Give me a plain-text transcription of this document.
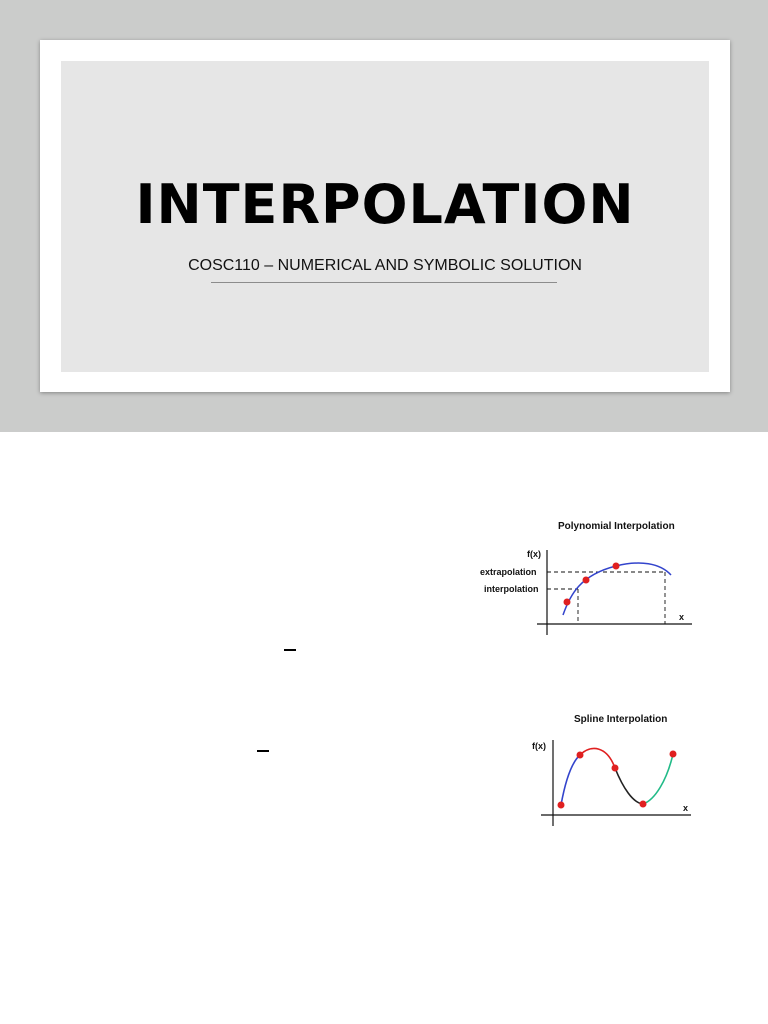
INTERPOLATION
COSC110 – NUMERICAL AND SYMBOLIC SOLUTION
Polynomial Interpolation
f(x)
extrapolation
interpolation
x
Spline Interpolation
f(x)
x
